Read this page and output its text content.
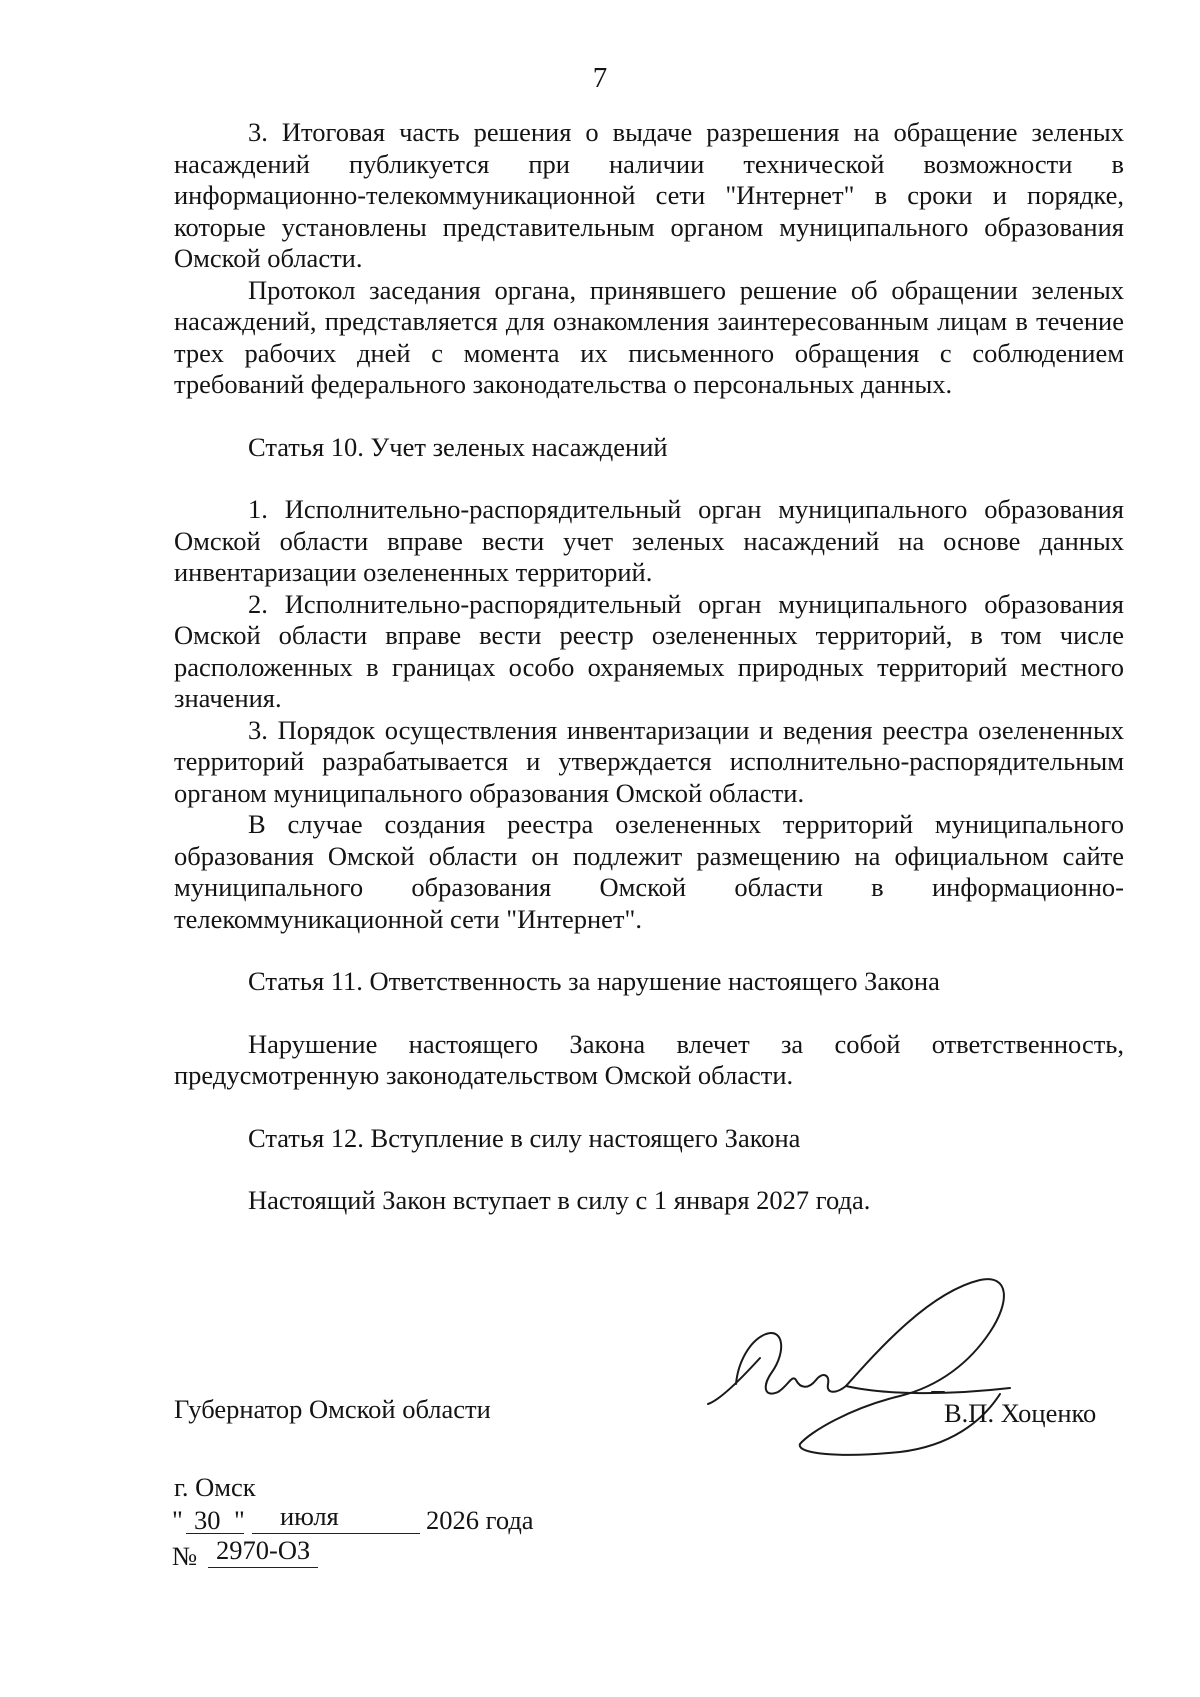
7

3. Итоговая часть решения о выдаче разрешения на обращение зеленых насаждений публикуется при наличии технической возможности в информационно-телекоммуникационной сети "Интернет" в сроки и порядке, которые установлены представительным органом муниципального образования Омской области.

Протокол заседания органа, принявшего решение об обращении зеленых насаждений, представляется для ознакомления заинтересованным лицам в течение трех рабочих дней с момента их письменного обращения с соблюдением требований федерального законодательства о персональных данных.

Статья 10. Учет зеленых насаждений

1. Исполнительно-распорядительный орган муниципального образования Омской области вправе вести учет зеленых насаждений на основе данных инвентаризации озелененных территорий.

2. Исполнительно-распорядительный орган муниципального образования Омской области вправе вести реестр озелененных территорий, в том числе расположенных в границах особо охраняемых природных территорий местного значения.

3. Порядок осуществления инвентаризации и ведения реестра озелененных территорий разрабатывается и утверждается исполнительно-распорядительным органом муниципального образования Омской области.

В случае создания реестра озелененных территорий муниципального образования Омской области он подлежит размещению на официальном сайте муниципального образования Омской области в информационно-телекоммуникационной сети "Интернет".

Статья 11. Ответственность за нарушение настоящего Закона

Нарушение настоящего Закона влечет за собой ответственность, предусмотренную законодательством Омской области.

Статья 12. Вступление в силу настоящего Закона

Настоящий Закон вступает в силу с 1 января 2027 года.

Губернатор Омской области	В.П. Хоценко
г. Омск
" 30 " июля	2026 года
№ 2970-ОЗ
